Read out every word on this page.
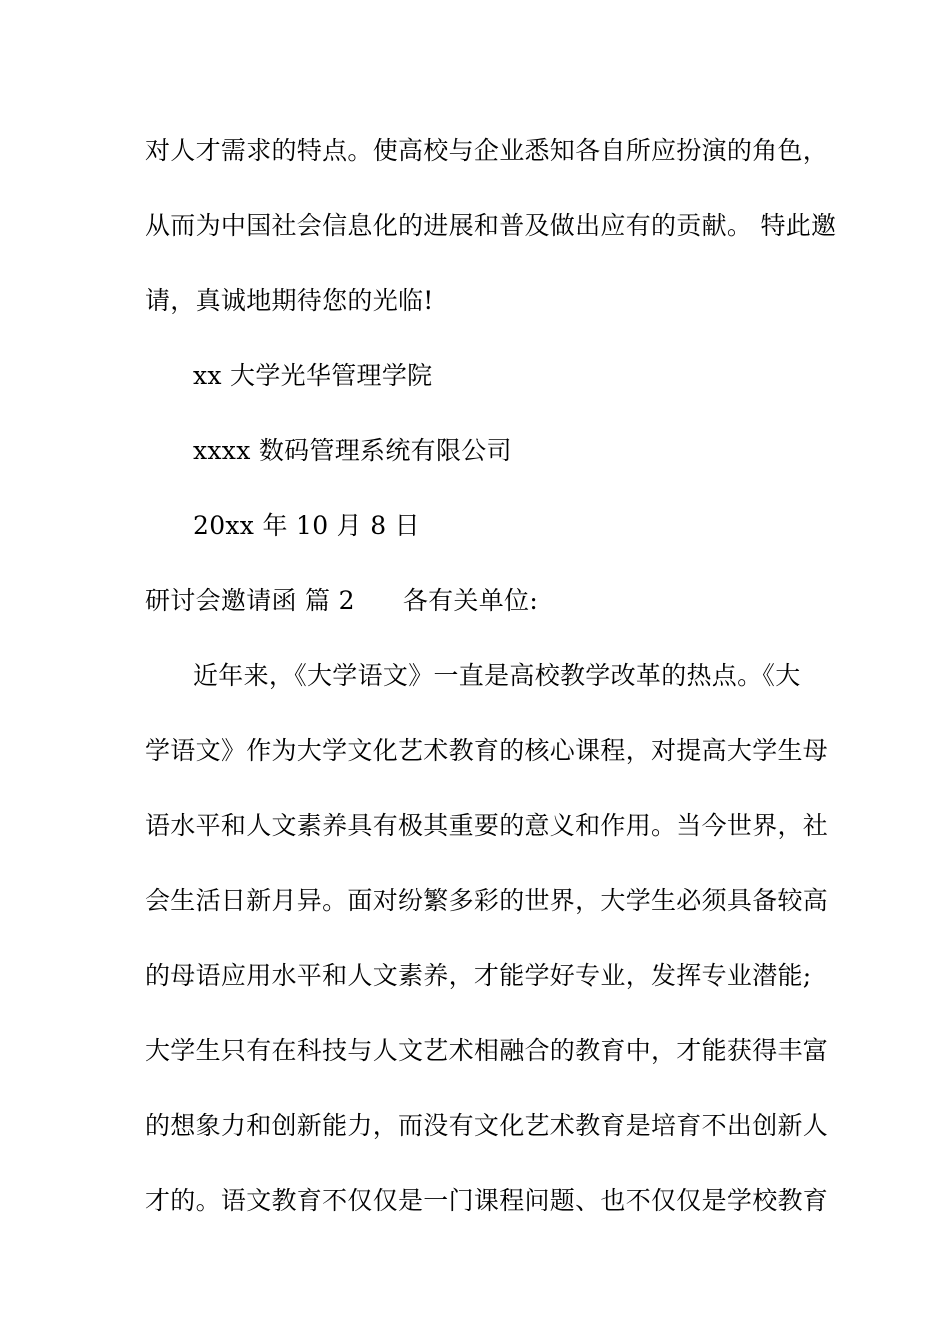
对人才需求的特点。使高校与企业悉知各自所应扮演的角色，
从而为中国社会信息化的进展和普及做出应有的贡献。 特此邀
请，真诚地期待您的光临!
xx 大学光华管理学院
xxxx 数码管理系统有限公司
20xx 年 10 月 8 日
研讨会邀请函 篇 2 各有关单位:
近年来，《大学语文》一直是高校教学改革的热点。《大
学语文》作为大学文化艺术教育的核心课程，对提高大学生母
语水平和人文素养具有极其重要的意义和作用。当今世界，社
会生活日新月异。面对纷繁多彩的世界，大学生必须具备较高
的母语应用水平和人文素养，才能学好专业，发挥专业潜能;
大学生只有在科技与人文艺术相融合的教育中，才能获得丰富
的想象力和创新能力，而没有文化艺术教育是培育不出创新人
才的。语文教育不仅仅是一门课程问题、也不仅仅是学校教育
